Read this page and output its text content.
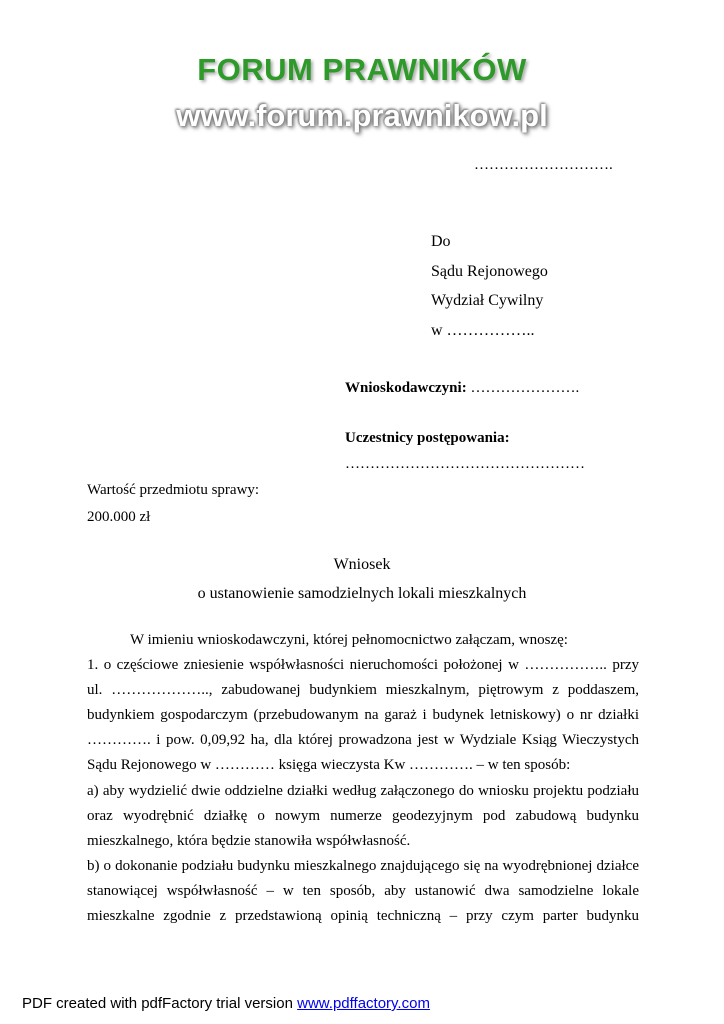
FORUM PRAWNIKÓW
www.forum.prawnikow.pl
……………………….
Do
Sądu Rejonowego
Wydział Cywilny
w ……………..
Wnioskodawczyni: ………………….
Uczestnicy postępowania:
…………………………………………
Wartość przedmiotu sprawy:
200.000 zł
Wniosek
o ustanowienie samodzielnych lokali mieszkalnych

W imieniu wnioskodawczyni, której pełnomocnictwo załączam, wnoszę:

1. o częściowe zniesienie współwłasności nieruchomości położonej w …………….. przy ul. ……………….., zabudowanej budynkiem mieszkalnym, piętrowym z poddaszem, budynkiem gospodarczym (przebudowanym na garaż i budynek letniskowy) o nr działki …………. i pow. 0,09,92 ha, dla której prowadzona jest w Wydziale Ksiąg Wieczystych Sądu Rejonowego w ………… księga wieczysta Kw …………. – w ten sposób:

a) aby wydzielić dwie oddzielne działki według załączonego do wniosku projektu podziału oraz wyodrębnić działkę o nowym numerze geodezyjnym pod zabudową budynku mieszkalnego, która będzie stanowiła współwłasność.

b) o dokonanie podziału budynku mieszkalnego znajdującego się na wyodrębnionej działce stanowiącej współwłasność – w ten sposób, aby ustanowić dwa samodzielne lokale mieszkalne zgodnie z przedstawioną opinią techniczną – przy czym parter budynku

PDF created with pdfFactory trial version www.pdffactory.com
